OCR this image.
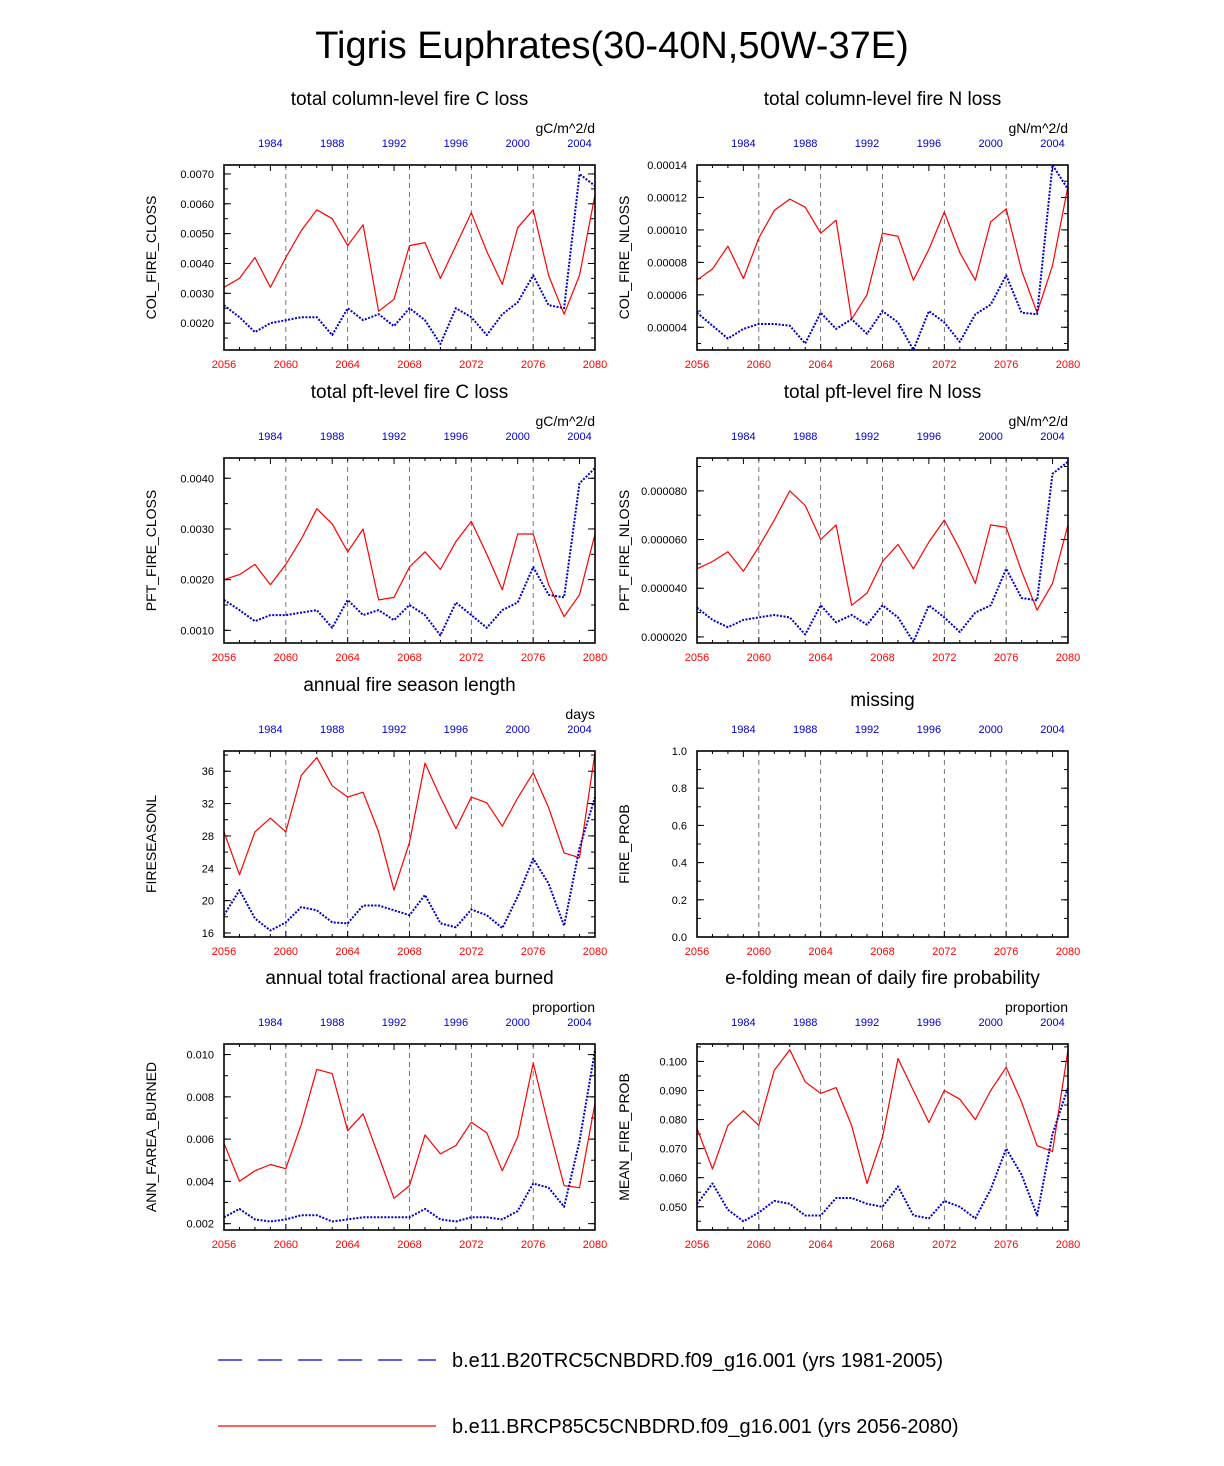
Tigris Euphrates(30-40N,50W-37E)
total column-level fire C loss
gC/m^2/d
COL_FIRE_CLOSS
2056	2060	2064	2068	2072	2076	2080
1984	1988	1992	1996	2000	2004
0.0020
0.0030
0.0040
0.0050
0.0060
0.0070
total column-level fire N loss
gN/m^2/d
COL_FIRE_NLOSS
2056	2060	2064	2068	2072	2076	2080
1984	1988	1992	1996	2000	2004
0.00004
0.00006
0.00008
0.00010
0.00012
0.00014
total pft-level fire C loss
gC/m^2/d
PFT_FIRE_CLOSS
2056	2060	2064	2068	2072	2076	2080
1984	1988	1992	1996	2000	2004
0.0010
0.0020
0.0030
0.0040
total pft-level fire N loss
gN/m^2/d
PFT_FIRE_NLOSS
2056	2060	2064	2068	2072	2076	2080
1984	1988	1992	1996	2000	2004
0.000020
0.000040
0.000060
0.000080
annual fire season length
days
FIRESEASONL
2056	2060	2064	2068	2072	2076	2080
1984	1988	1992	1996	2000	2004
16
20
24
28
32
36
missing
FIRE_PROB
2056	2060	2064	2068	2072	2076	2080
1984	1988	1992	1996	2000	2004
0.0
0.2
0.4
0.6
0.8
1.0
annual total fractional area burned
proportion
ANN_FAREA_BURNED
2056	2060	2064	2068	2072	2076	2080
1984	1988	1992	1996	2000	2004
0.002
0.004
0.006
0.008
0.010
e-folding mean of daily fire probability
proportion
MEAN_FIRE_PROB
2056	2060	2064	2068	2072	2076	2080
1984	1988	1992	1996	2000	2004
0.050
0.060
0.070
0.080
0.090
0.100
b.e11.B20TRC5CNBDRD.f09_g16.001 (yrs 1981-2005)
b.e11.BRCP85C5CNBDRD.f09_g16.001 (yrs 2056-2080)
